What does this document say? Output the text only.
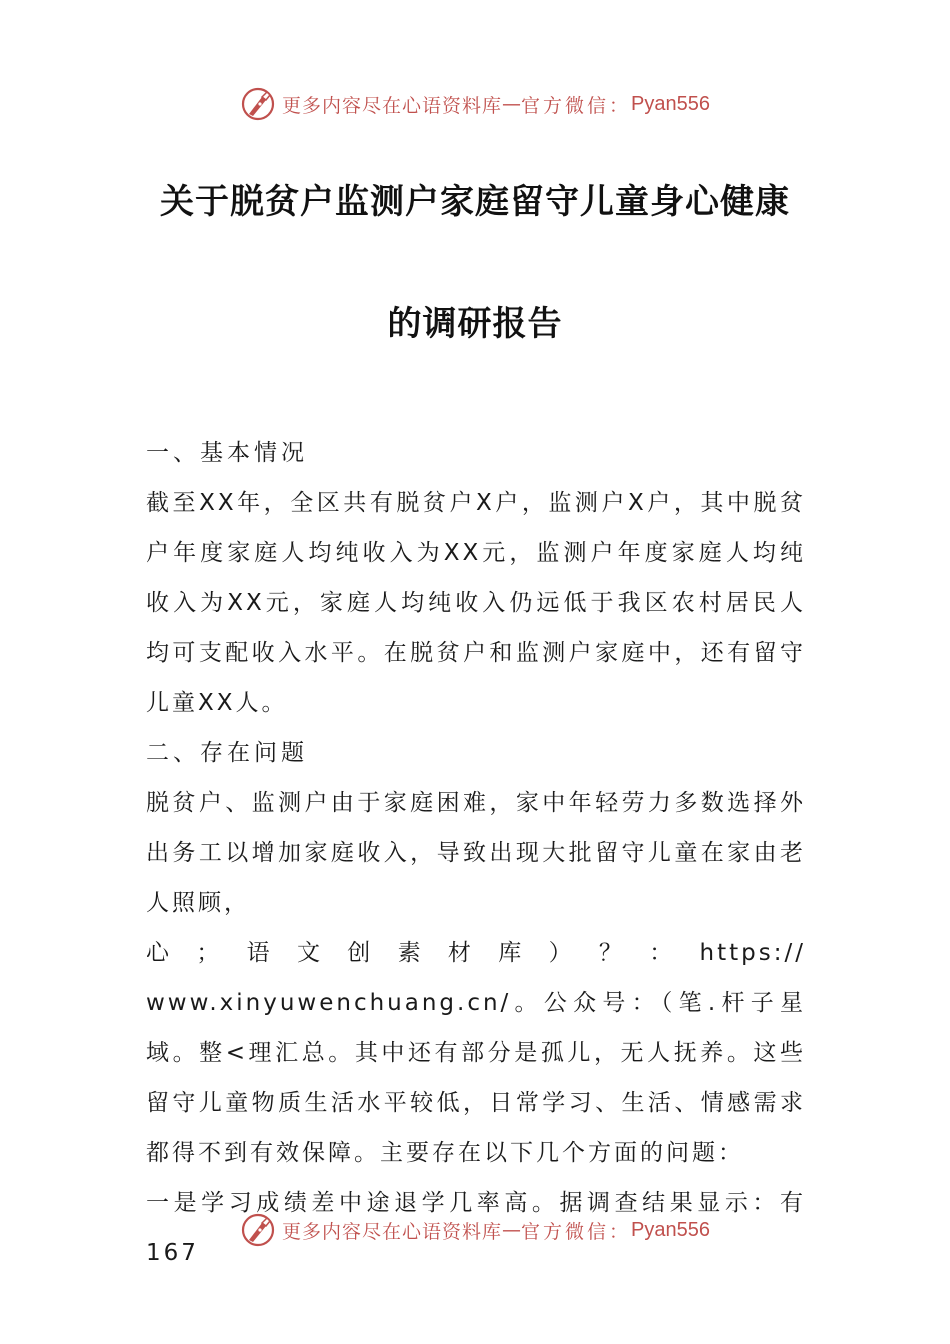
更多内容尽在心语资料库 — 官方微信： Pyan556
关于脱贫户监测户家庭留守儿童身心健康
的调研报告

一、基本情况

截至XX年，全区共有脱贫户X户，监测户X户，其中脱贫户年度家庭人均纯收入为XX元，监测户年度家庭人均纯收入为XX元，家庭人均纯收入仍远低于我区农村居民人均可支配收入水平。在脱贫户和监测户家庭中，还有留守儿童XX人。

二、存在问题

脱贫户、监测户由于家庭困难，家中年轻劳力多数选择外出务工以增加家庭收入，导致出现大批留守儿童在家由老人照顾，

心；语文创素材库）？：https://

www.xinyuwenchuang.cn/。公众号：（笔.杆子星域。整<理汇总。其中还有部分是孤儿，无人抚养。这些留守儿童物质生活水平较低，日常学习、生活、情感需求都得不到有效保障。主要存在以下几个方面的问题：

一是学习成绩差中途退学几率高。据调查结果显示：有167

更多内容尽在心语资料库 — 官方微信： Pyan556
